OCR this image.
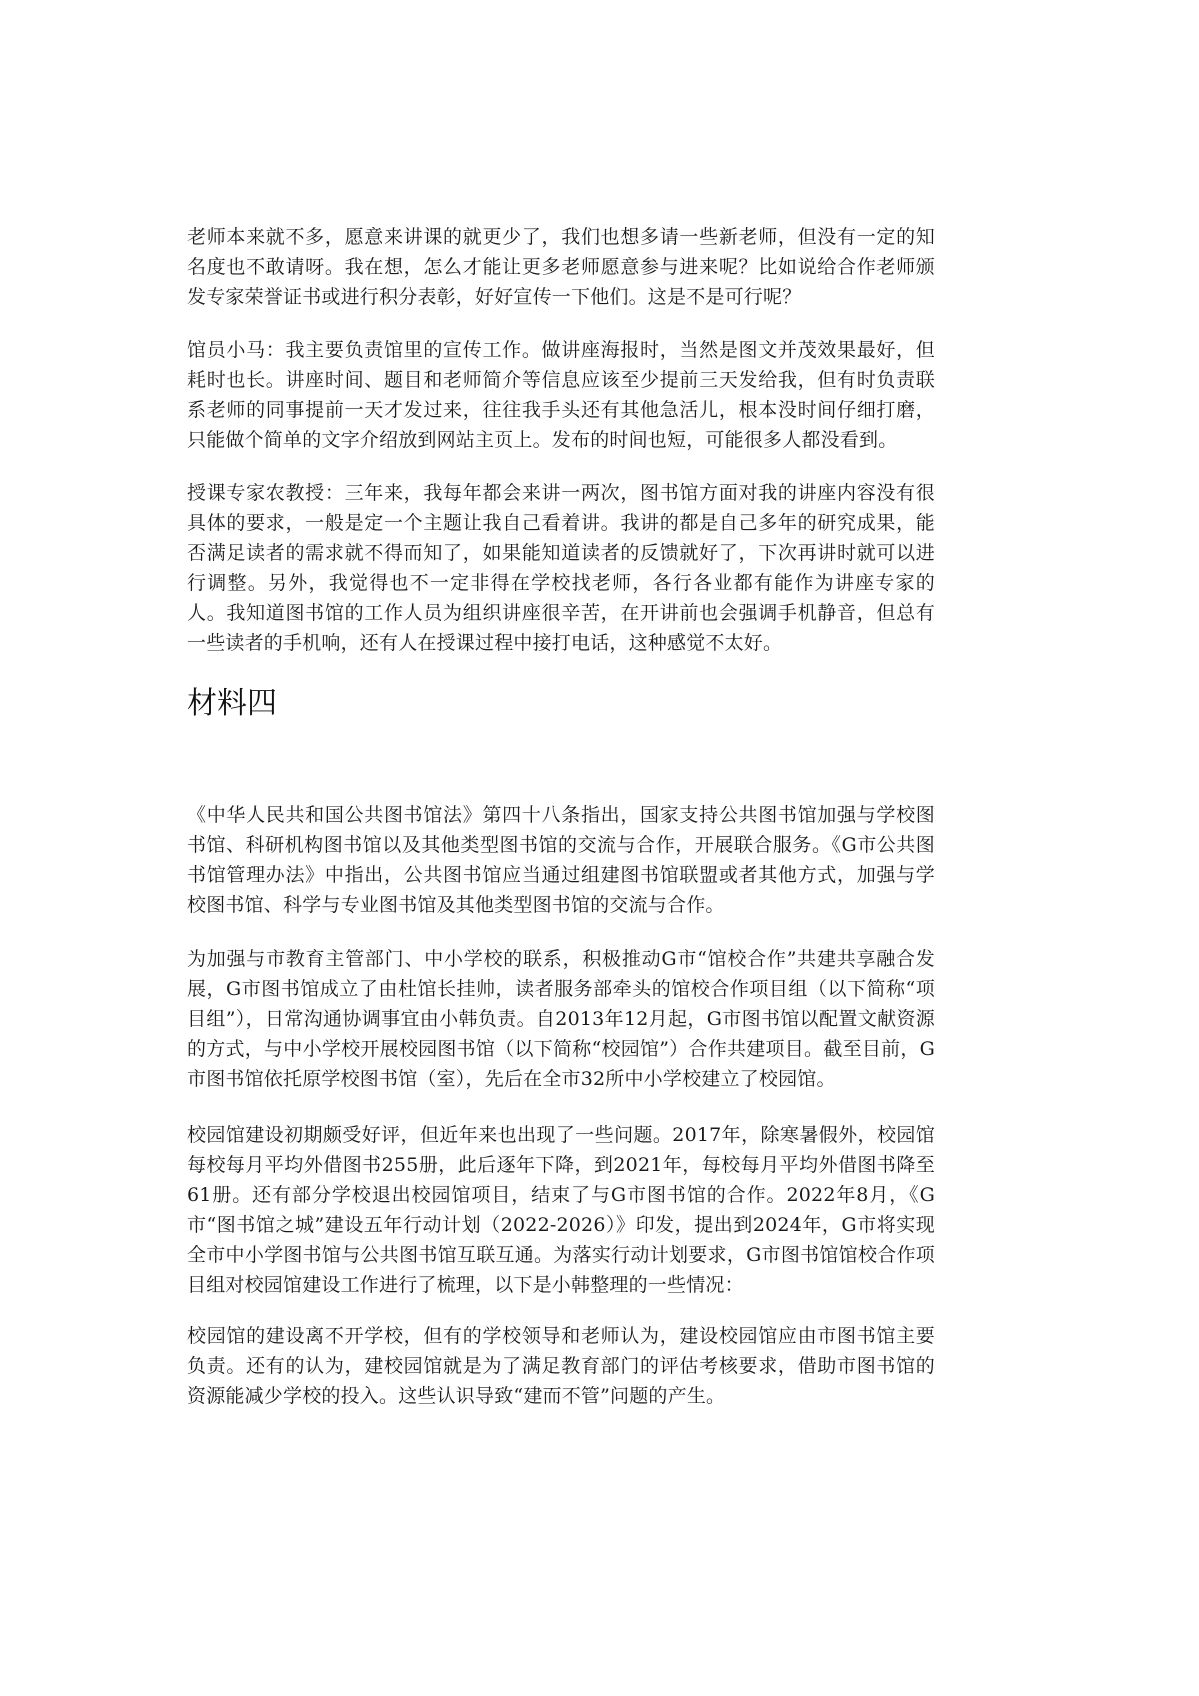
老师本来就不多，愿意来讲课的就更少了，我们也想多请一些新老师，但没有一定的知名度也不敢请呀。我在想，怎么才能让更多老师愿意参与进来呢？比如说给合作老师颁发专家荣誉证书或进行积分表彰，好好宣传一下他们。这是不是可行呢？

馆员小马：我主要负责馆里的宣传工作。做讲座海报时，当然是图文并茂效果最好，但耗时也长。讲座时间、题目和老师简介等信息应该至少提前三天发给我，但有时负责联系老师的同事提前一天才发过来，往往我手头还有其他急活儿，根本没时间仔细打磨，只能做个简单的文字介绍放到网站主页上。发布的时间也短，可能很多人都没看到。

授课专家农教授：三年来，我每年都会来讲一两次，图书馆方面对我的讲座内容没有很具体的要求，一般是定一个主题让我自己看着讲。我讲的都是自己多年的研究成果，能否满足读者的需求就不得而知了，如果能知道读者的反馈就好了，下次再讲时就可以进行调整。另外，我觉得也不一定非得在学校找老师，各行各业都有能作为讲座专家的人。我知道图书馆的工作人员为组织讲座很辛苦，在开讲前也会强调手机静音，但总有一些读者的手机响，还有人在授课过程中接打电话，这种感觉不太好。

材料四

《中华人民共和国公共图书馆法》第四十八条指出，国家支持公共图书馆加强与学校图书馆、科研机构图书馆以及其他类型图书馆的交流与合作，开展联合服务。《G市公共图书馆管理办法》中指出，公共图书馆应当通过组建图书馆联盟或者其他方式，加强与学校图书馆、科学与专业图书馆及其他类型图书馆的交流与合作。

为加强与市教育主管部门、中小学校的联系，积极推动G市“馆校合作”共建共享融合发展，G市图书馆成立了由杜馆长挂帅，读者服务部牵头的馆校合作项目组（以下简称“项目组”），日常沟通协调事宜由小韩负责。自2013年12月起，G市图书馆以配置文献资源的方式，与中小学校开展校园图书馆（以下简称“校园馆”）合作共建项目。截至目前，G市图书馆依托原学校图书馆（室），先后在全市32所中小学校建立了校园馆。

校园馆建设初期颇受好评，但近年来也出现了一些问题。2017年，除寒暑假外，校园馆每校每月平均外借图书255册，此后逐年下降，到2021年，每校每月平均外借图书降至61册。还有部分学校退出校园馆项目，结束了与G市图书馆的合作。2022年8月，《G市“图书馆之城”建设五年行动计划（2022-2026）》印发，提出到2024年，G市将实现全市中小学图书馆与公共图书馆互联互通。为落实行动计划要求，G市图书馆馆校合作项目组对校园馆建设工作进行了梳理，以下是小韩整理的一些情况：

校园馆的建设离不开学校，但有的学校领导和老师认为，建设校园馆应由市图书馆主要负责。还有的认为，建校园馆就是为了满足教育部门的评估考核要求，借助市图书馆的资源能减少学校的投入。这些认识导致“建而不管”问题的产生。
